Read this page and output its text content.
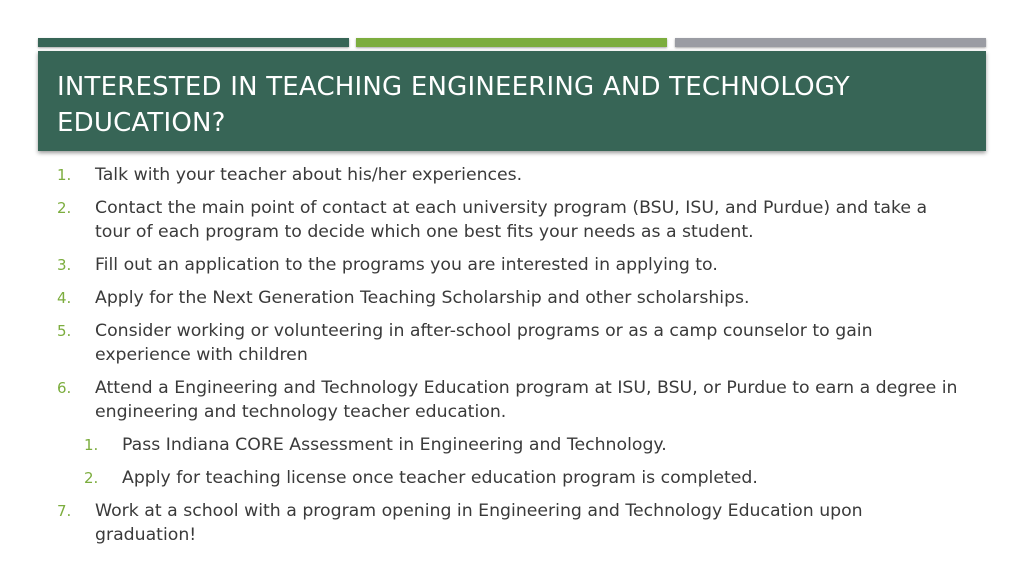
INTERESTED IN TEACHING ENGINEERING AND TECHNOLOGY EDUCATION?
1. Talk with your teacher about his/her experiences.
2. Contact the main point of contact at each university program (BSU, ISU, and Purdue) and take a tour of each program to decide which one best fits your needs as a student.
3. Fill out an application to the programs you are interested in applying to.
4. Apply for the Next Generation Teaching Scholarship and other scholarships.
5. Consider working or volunteering in after-school programs or as a camp counselor to gain experience with children
6. Attend a Engineering and Technology Education program at ISU, BSU, or Purdue to earn a degree in engineering and technology teacher education.
1. Pass Indiana CORE Assessment in Engineering and Technology.
2. Apply for teaching license once teacher education program is completed.
7. Work at a school with a program opening in Engineering and Technology Education upon graduation!
